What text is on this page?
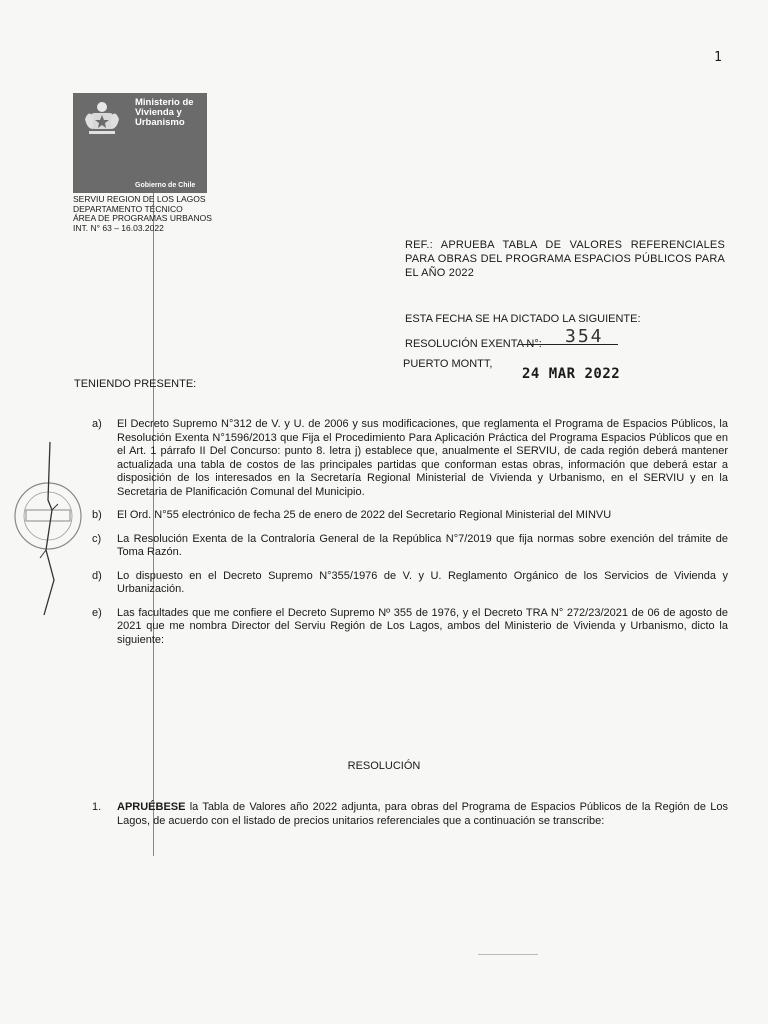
1
Ministerio de Vivienda y Urbanismo
Gobierno de Chile
SERVIU REGION DE LOS LAGOS
DEPARTAMENTO TÉCNICO
ÁREA DE PROGRAMAS URBANOS
INT. N° 63 – 16.03.2022
REF.: APRUEBA TABLA DE VALORES REFERENCIALES PARA OBRAS DEL PROGRAMA ESPACIOS PÚBLICOS PARA EL AÑO 2022
ESTA FECHA SE HA DICTADO LA SIGUIENTE:
RESOLUCIÓN EXENTA N°: 354
PUERTO MONTT,
24 MAR 2022
TENIENDO PRESENTE:
a)	El Decreto Supremo N°312 de V. y U. de 2006 y sus modificaciones, que reglamenta el Programa de Espacios Públicos, la Resolución Exenta N°1596/2013 que Fija el Procedimiento Para Aplicación Práctica del Programa Espacios Públicos que en el Art. 1 párrafo II Del Concurso: punto 8. letra j) establece que, anualmente el SERVIU, de cada región deberá mantener actualizada una tabla de costos de las principales partidas que conforman estas obras, información que deberá estar a disposición de los interesados en la Secretaría Regional Ministerial de Vivienda y Urbanismo, en el SERVIU y en la Secretaria de Planificación Comunal del Municipio.
b)	El Ord. N°55 electrónico de fecha 25 de enero de 2022 del Secretario Regional Ministerial del MINVU
c)	La Resolución Exenta de la Contraloría General de la República N°7/2019 que fija normas sobre exención del trámite de Toma Razón.
d)	Lo dispuesto en el Decreto Supremo N°355/1976 de V. y U. Reglamento Orgánico de los Servicios de Vivienda y Urbanización.
e)	Las facultades que me confiere el Decreto Supremo Nº 355 de 1976, y el Decreto TRA N° 272/23/2021 de 06 de agosto de 2021 que me nombra Director del Serviu Región de Los Lagos, ambos del Ministerio de Vivienda y Urbanismo, dicto la siguiente:
RESOLUCIÓN
1.	APRUÉBESE la Tabla de Valores año 2022 adjunta, para obras del Programa de Espacios Públicos de la Región de Los Lagos, de acuerdo con el listado de precios unitarios referenciales que a continuación se transcribe:
